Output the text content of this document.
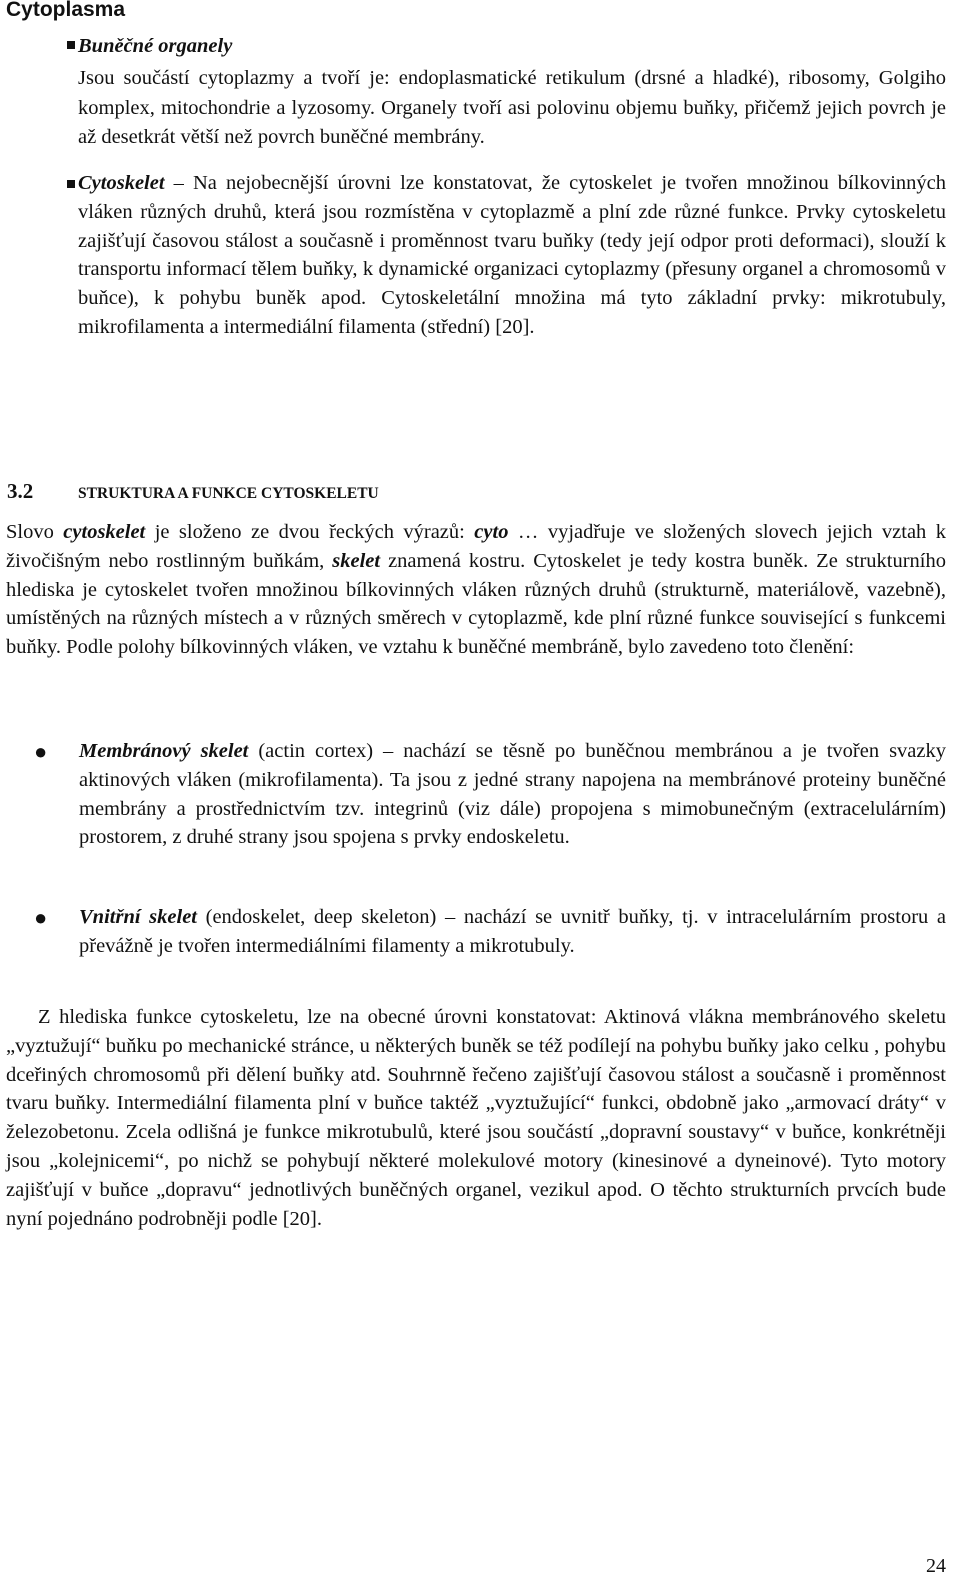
Cytoplasma

Buněčné organely

Jsou součástí cytoplazmy a tvoří je: endoplasmatické retikulum (drsné a hladké), ribosomy, Golgiho komplex, mitochondrie a lyzosomy. Organely tvoří asi polovinu objemu buňky, přičemž jejich povrch je až desetkrát větší než povrch buněčné membrány.

Cytoskelet – Na nejobecnější úrovni lze konstatovat, že cytoskelet je tvořen množinou bílkovinných vláken různých druhů, která jsou rozmístěna v cytoplazmě a plní zde různé funkce. Prvky cytoskeletu zajišťují časovou stálost a současně i proměnnost tvaru buňky (tedy její odpor proti deformaci), slouží k transportu informací tělem buňky, k dynamické organizaci cytoplazmy (přesuny organel a chromosomů v buňce), k pohybu buněk apod. Cytoskeletální množina má tyto základní prvky: mikrotubuly, mikrofilamenta a intermediální filamenta (střední) [20].

3.2	STRUKTURA A FUNKCE CYTOSKELETU

Slovo cytoskelet je složeno ze dvou řeckých výrazů: cyto … vyjadřuje ve složených slovech jejich vztah k živočišným nebo rostlinným buňkám, skelet znamená kostru. Cytoskelet je tedy kostra buněk. Ze strukturního hlediska je cytoskelet tvořen množinou bílkovinných vláken různých druhů (strukturně, materiálově, vazebně), umístěných na různých místech a v různých směrech v cytoplazmě, kde plní různé funkce související s funkcemi buňky. Podle polohy bílkovinných vláken, ve vztahu k buněčné membráně, bylo zavedeno toto členění:

● Membránový skelet (actin cortex) – nachází se těsně po buněčnou membránou a je tvořen svazky aktinových vláken (mikrofilamenta). Ta jsou z jedné strany napojena na membránové proteiny buněčné membrány a prostřednictvím tzv. integrinů (viz dále) propojena s mimobunečným (extracelulárním) prostorem, z druhé strany jsou spojena s prvky endoskeletu.

● Vnitřní skelet (endoskelet, deep skeleton) – nachází se uvnitř buňky, tj. v intracelulárním prostoru a převážně je tvořen intermediálními filamenty a mikrotubuly.

Z hlediska funkce cytoskeletu, lze na obecné úrovni konstatovat: Aktinová vlákna membránového skeletu „vyztužují“ buňku po mechanické stránce, u některých buněk se též podílejí na pohybu buňky jako celku , pohybu dceřiných chromosomů při dělení buňky atd. Souhrnně řečeno zajišťují časovou stálost a současně i proměnnost tvaru buňky. Intermediální filamenta plní v buňce taktéž „vyztužující“ funkci, obdobně jako „armovací dráty“ v železobetonu. Zcela odlišná je funkce mikrotubulů, které jsou součástí „dopravní soustavy“ v buňce, konkrétněji jsou „kolejnicemi“, po nichž se pohybují některé molekulové motory (kinesinové a dyneinové). Tyto motory zajišťují v buňce „dopravu“ jednotlivých buněčných organel, vezikul apod. O těchto strukturních prvcích bude nyní pojednáno podrobněji podle [20].

24
